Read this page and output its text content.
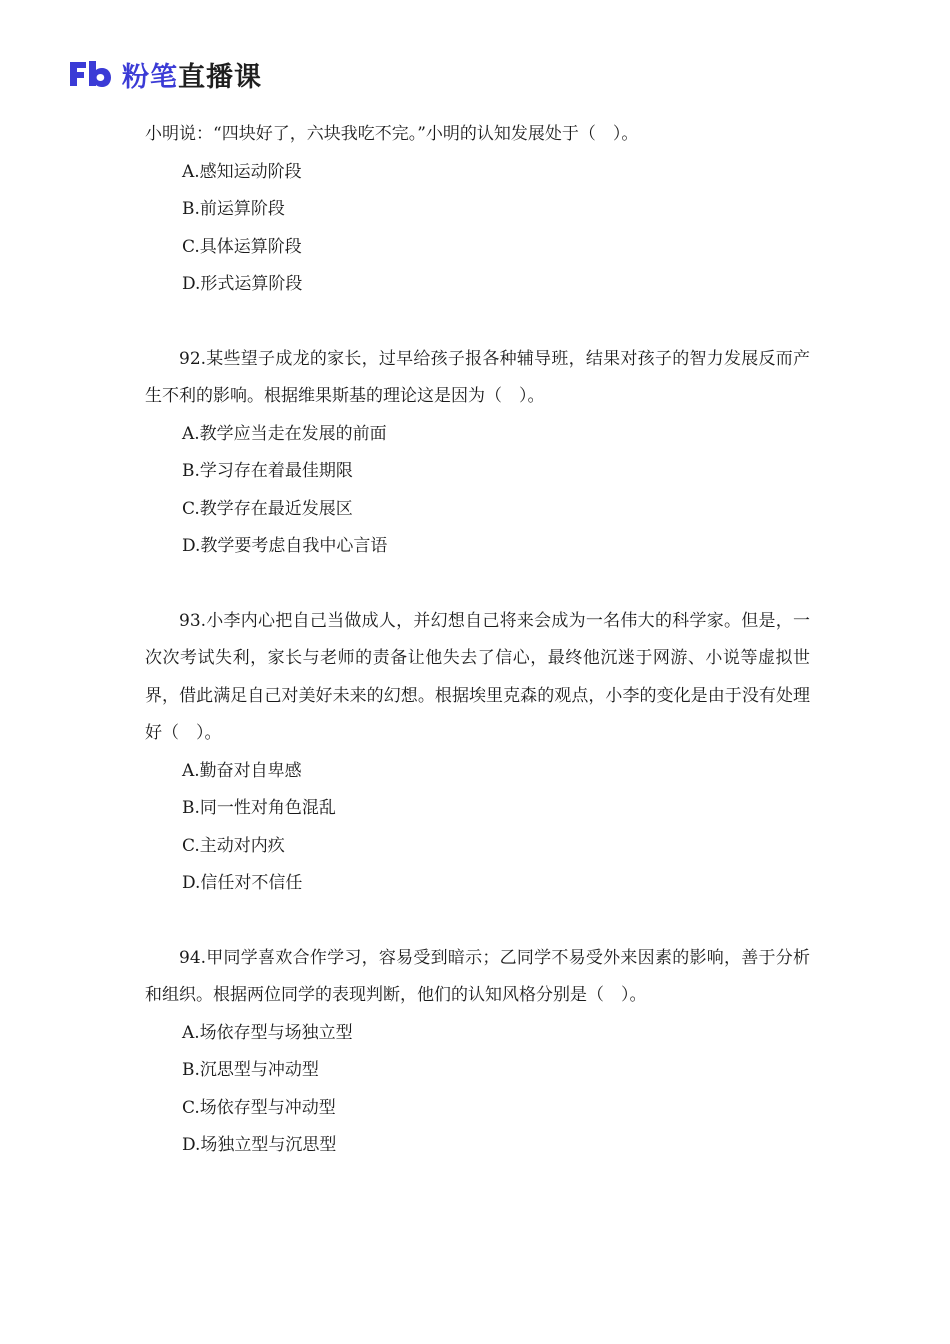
粉笔 直播课

小明说：“四块好了，六块我吃不完。”小明的认知发展处于（　）。

A.感知运动阶段
B.前运算阶段
C.具体运算阶段
D.形式运算阶段

92.某些望子成龙的家长，过早给孩子报各种辅导班，结果对孩子的智力发展反而产生不利的影响。根据维果斯基的理论这是因为（　）。

A.教学应当走在发展的前面
B.学习存在着最佳期限
C.教学存在最近发展区
D.教学要考虑自我中心言语

93.小李内心把自己当做成人，并幻想自己将来会成为一名伟大的科学家。但是，一次次考试失利，家长与老师的责备让他失去了信心，最终他沉迷于网游、小说等虚拟世界，借此满足自己对美好未来的幻想。根据埃里克森的观点，小李的变化是由于没有处理好（　）。

A.勤奋对自卑感
B.同一性对角色混乱
C.主动对内疚
D.信任对不信任

94.甲同学喜欢合作学习，容易受到暗示；乙同学不易受外来因素的影响，善于分析和组织。根据两位同学的表现判断，他们的认知风格分别是（　）。

A.场依存型与场独立型
B.沉思型与冲动型
C.场依存型与冲动型
D.场独立型与沉思型
